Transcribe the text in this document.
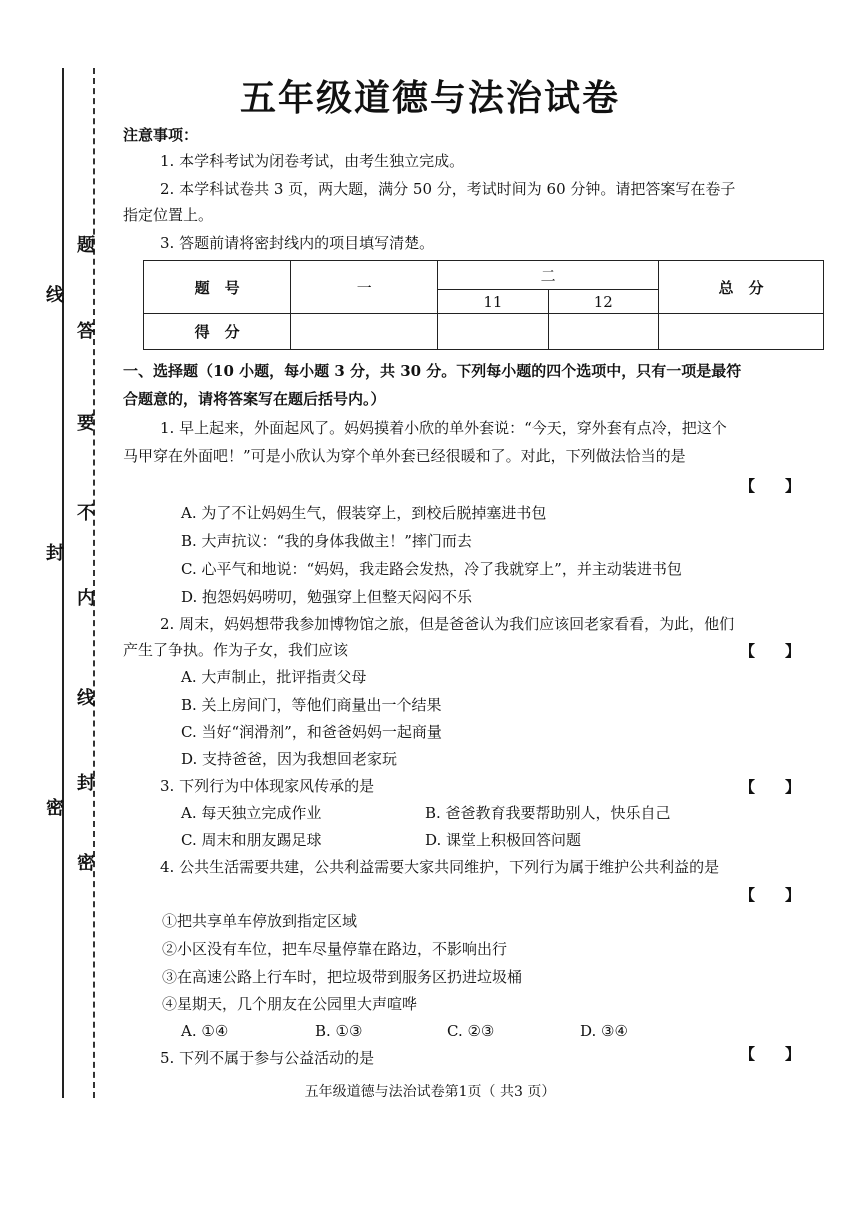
线
封
密
题
答
要
不
内
线
封
密
五年级道德与法治试卷
注意事项：
1. 本学科考试为闭卷考试，由考生独立完成。
2. 本学科试卷共 3 页，两大题，满分 50 分，考试时间为 60 分钟。请把答案写在卷子
指定位置上。
3. 答题前请将密封线内的项目填写清楚。
题　号	一	二		总　分
		11	12	
得　分				
一、选择题（10 小题，每小题 3 分，共 30 分。下列每小题的四个选项中，只有一项是最符
合题意的，请将答案写在题后括号内。）
1. 早上起来，外面起风了。妈妈摸着小欣的单外套说：“今天，穿外套有点冷，把这个
马甲穿在外面吧！”可是小欣认为穿个单外套已经很暖和了。对此，下列做法恰当的是
【　　】
A. 为了不让妈妈生气，假装穿上，到校后脱掉塞进书包
B. 大声抗议：“我的身体我做主！”摔门而去
C. 心平气和地说：“妈妈，我走路会发热，冷了我就穿上”，并主动装进书包
D. 抱怨妈妈唠叨，勉强穿上但整天闷闷不乐
2. 周末，妈妈想带我参加博物馆之旅，但是爸爸认为我们应该回老家看看，为此，他们
产生了争执。作为子女，我们应该	【　　】
A. 大声制止，批评指责父母
B. 关上房间门，等他们商量出一个结果
C. 当好“润滑剂”，和爸爸妈妈一起商量
D. 支持爸爸，因为我想回老家玩
3. 下列行为中体现家风传承的是	【　　】
A. 每天独立完成作业	B. 爸爸教育我要帮助别人，快乐自己
C. 周末和朋友踢足球	D. 课堂上积极回答问题
4. 公共生活需要共建，公共利益需要大家共同维护，下列行为属于维护公共利益的是
【　　】
①把共享单车停放到指定区域
②小区没有车位，把车尽量停靠在路边，不影响出行
③在高速公路上行车时，把垃圾带到服务区扔进垃圾桶
④星期天，几个朋友在公园里大声喧哗
A. ①④	B. ①③	C. ②③	D. ③④
5. 下列不属于参与公益活动的是	【　　】
五年级道德与法治试卷第1页（ 共3 页）
